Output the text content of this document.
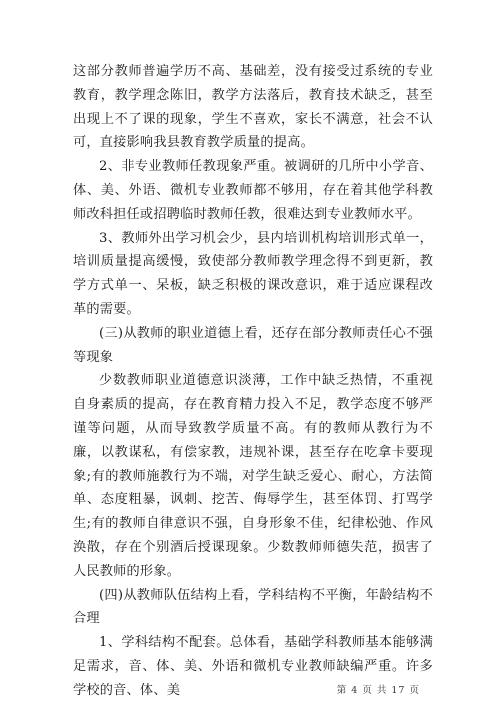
这部分教师普遍学历不高、基础差，没有接受过系统的专业教育，教学理念陈旧，教学方法落后，教育技术缺乏，甚至出现上不了课的现象，学生不喜欢，家长不满意，社会不认可，直接影响我县教育教学质量的提高。

2、非专业教师任教现象严重。被调研的几所中小学音、体、美、外语、微机专业教师都不够用，存在着其他学科教师改科担任或招聘临时教师任教，很难达到专业教师水平。

3、教师外出学习机会少，县内培训机构培训形式单一，培训质量提高缓慢，致使部分教师教学理念得不到更新，教学方式单一、呆板，缺乏积极的课改意识，难于适应课程改革的需要。

(三)从教师的职业道德上看，还存在部分教师责任心不强等现象

少数教师职业道德意识淡薄，工作中缺乏热情，不重视自身素质的提高，存在教育精力投入不足，教学态度不够严谨等问题，从而导致教学质量不高。有的教师从教行为不廉，以教谋私，有偿家教，违规补课，甚至存在吃拿卡要现象;有的教师施教行为不端，对学生缺乏爱心、耐心，方法简单、态度粗暴，讽刺、挖苦、侮辱学生，甚至体罚、打骂学生;有的教师自律意识不强，自身形象不佳，纪律松弛、作风涣散，存在个别酒后授课现象。少数教师师德失范，损害了人民教师的形象。

(四)从教师队伍结构上看，学科结构不平衡，年龄结构不合理

1、学科结构不配套。总体看，基础学科教师基本能够满足需求，音、体、美、外语和微机专业教师缺编严重。许多学校的音、体、美	第 4 页 共 17 页
